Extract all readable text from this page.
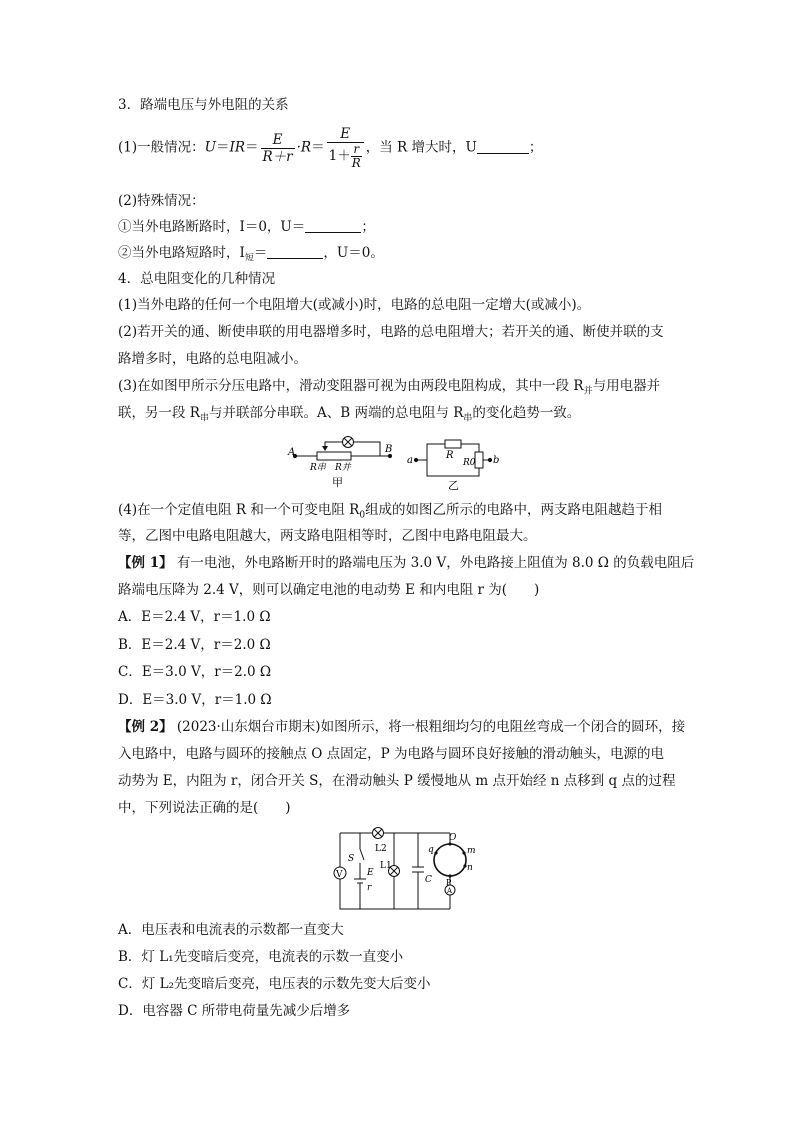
3．路端电压与外电阻的关系
(1)一般情况：$U=IR= \frac{E}{R+r} \cdot R= \frac{E}{1+ \frac{r}{R}}$ ，当 R 增大时，U	；
(2)特殊情况：
①当外电路断路时，I＝0，U＝	；
②当外电路短路时，$I_短=$	，U＝0。
4．总电阻变化的几种情况
(1)当外电路的任何一个电阻增大(或减小)时，电路的总电阻一定增大(或减小)。
(2)若开关的通、断使串联的用电器增多时，电路的总电阻增大；若开关的通、断使并联的支
路增多时，电路的总电阻减小。
(3)在如图甲所示分压电路中，滑动变阻器可视为由两段电阻构成，其中一段 $R_并$与用电器并
联，另一段 $R_串$与并联部分串联。A、B 两端的总电阻与 $R_串$的变化趋势一致。
A	B
R串 R并
甲
a	b
R
R0
乙
(4)在一个定值电阻 R 和一个可变电阻 $R_0$组成的如图乙所示的电路中，两支路电阻越趋于相
等，乙图中电路电阻越大，两支路电阻相等时，乙图中电路电阻最大。
【例 1】 有一电池，外电路断开时的路端电压为 3.0 V，外电路接上阻值为 8.0 Ω 的负载电阻后
路端电压降为 2.4 V，则可以确定电池的电动势 E 和内电阻 r 为(　　)
A．E＝2.4 V，r＝1.0 Ω
B．E＝2.4 V，r＝2.0 Ω
C．E＝3.0 V，r＝2.0 Ω
D．E＝3.0 V，r＝1.0 Ω
【例 2】 (2023·山东烟台市期末)如图所示，将一根粗细均匀的电阻丝弯成一个闭合的圆环，接
入电路中，电路与圆环的接触点 O 点固定，P 为电路与圆环良好接触的滑动触头，电源的电
动势为 E，内阻为 r，闭合开关 S，在滑动触头 P 缓慢地从 m 点开始经 n 点移到 q 点的过程
中，下列说法正确的是(　　)
V
S
E
r
L2
L1
C
O
m
n
q
P
A
A．电压表和电流表的示数都一直变大
B．灯 L₁先变暗后变亮，电流表的示数一直变小
C．灯 L₂先变暗后变亮，电压表的示数先变大后变小
D．电容器 C 所带电荷量先减少后增多
